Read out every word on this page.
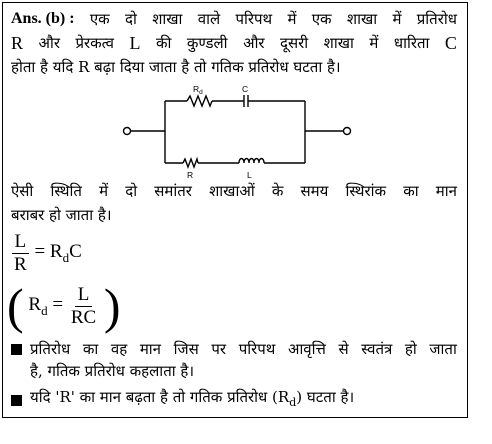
Ans. (b) : एक दो शाखा वाले परिपथ में एक शाखा में प्रतिरोध
R और प्रेरकत्व L की कुण्डली और दूसरी शाखा में धारिता C
होता है यदि R बढ़ा दिया जाता है तो गतिक प्रतिरोध घटता है।
$R_d$	C
R	L
ऐसी स्थिति में दो समांतर शाखाओं के समय स्थिरांक का मान
बराबर हो जाता है।
$\frac{L}{R} = R_dC$
( $R_d = \frac{L}{RC}$ )
प्रतिरोध का वह मान जिस पर परिपथ आवृत्ति से स्वतंत्र हो जाता
है, गतिक प्रतिरोध कहलाता है।
यदि 'R' का मान बढ़ता है तो गतिक प्रतिरोध $(R_d)$ घटता है।
